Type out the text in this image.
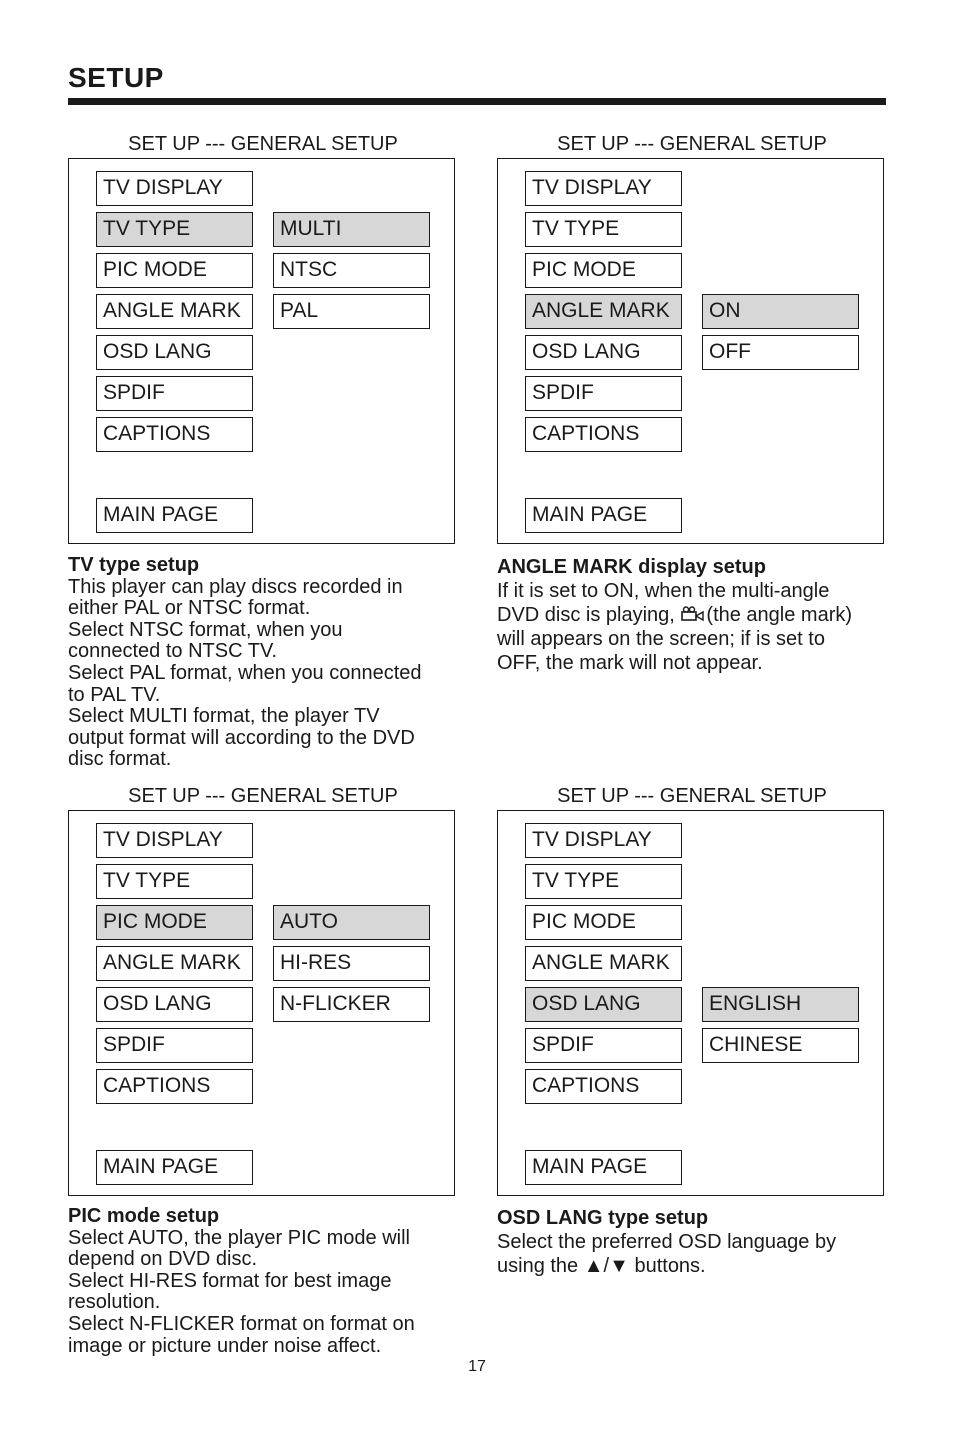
SETUP
SET UP --- GENERAL SETUP
TV DISPLAY
TV TYPE
PIC MODE
ANGLE MARK
OSD LANG
SPDIF
CAPTIONS
MAIN PAGE
MULTI
NTSC
PAL
TV type setup
This player can play discs recorded in
either PAL or NTSC format.
Select NTSC format, when you
connected to NTSC TV.
Select PAL format, when you connected
to PAL TV.
Select MULTI format, the player TV
output format will according to the DVD
disc format.
SET UP --- GENERAL SETUP
TV DISPLAY
TV TYPE
PIC MODE
ANGLE MARK
OSD LANG
SPDIF
CAPTIONS
MAIN PAGE
ON
OFF
ANGLE MARK display setup
If it is set to ON, when the multi-angle
DVD disc is playing, (the angle mark)
will appears on the screen; if is set to
OFF, the mark will not appear.
SET UP --- GENERAL SETUP
TV DISPLAY
TV TYPE
PIC MODE
ANGLE MARK
OSD LANG
SPDIF
CAPTIONS
MAIN PAGE
AUTO
HI-RES
N-FLICKER
PIC mode setup
Select AUTO, the player PIC mode will
depend on DVD disc.
Select HI-RES format for best image
resolution.
Select N-FLICKER format on format on
image or picture under noise affect.
SET UP --- GENERAL SETUP
TV DISPLAY
TV TYPE
PIC MODE
ANGLE MARK
OSD LANG
SPDIF
CAPTIONS
MAIN PAGE
ENGLISH
CHINESE
OSD LANG type setup
Select the preferred OSD language by
using the ▲/▼ buttons.
17
